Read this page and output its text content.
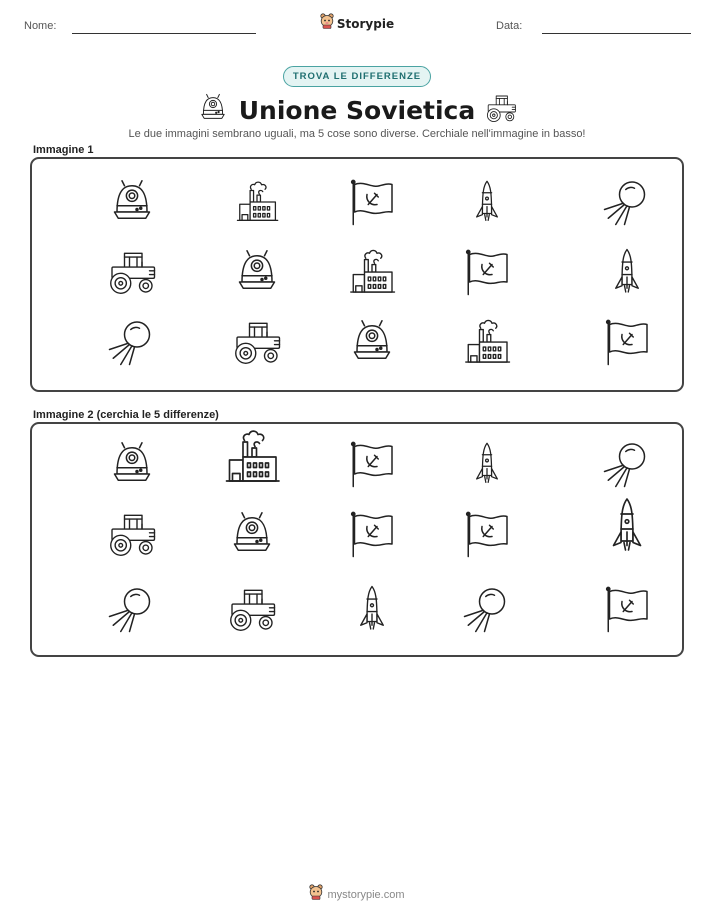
Nome:	Storypie	Data:
TROVA LE DIFFERENZE
Unione Sovietica
Le due immagini sembrano uguali, ma 5 cose sono diverse. Cerchiale nell'immagine in basso!
Immagine 1
Immagine 2 (cerchia le 5 differenze)
mystorypie.com
